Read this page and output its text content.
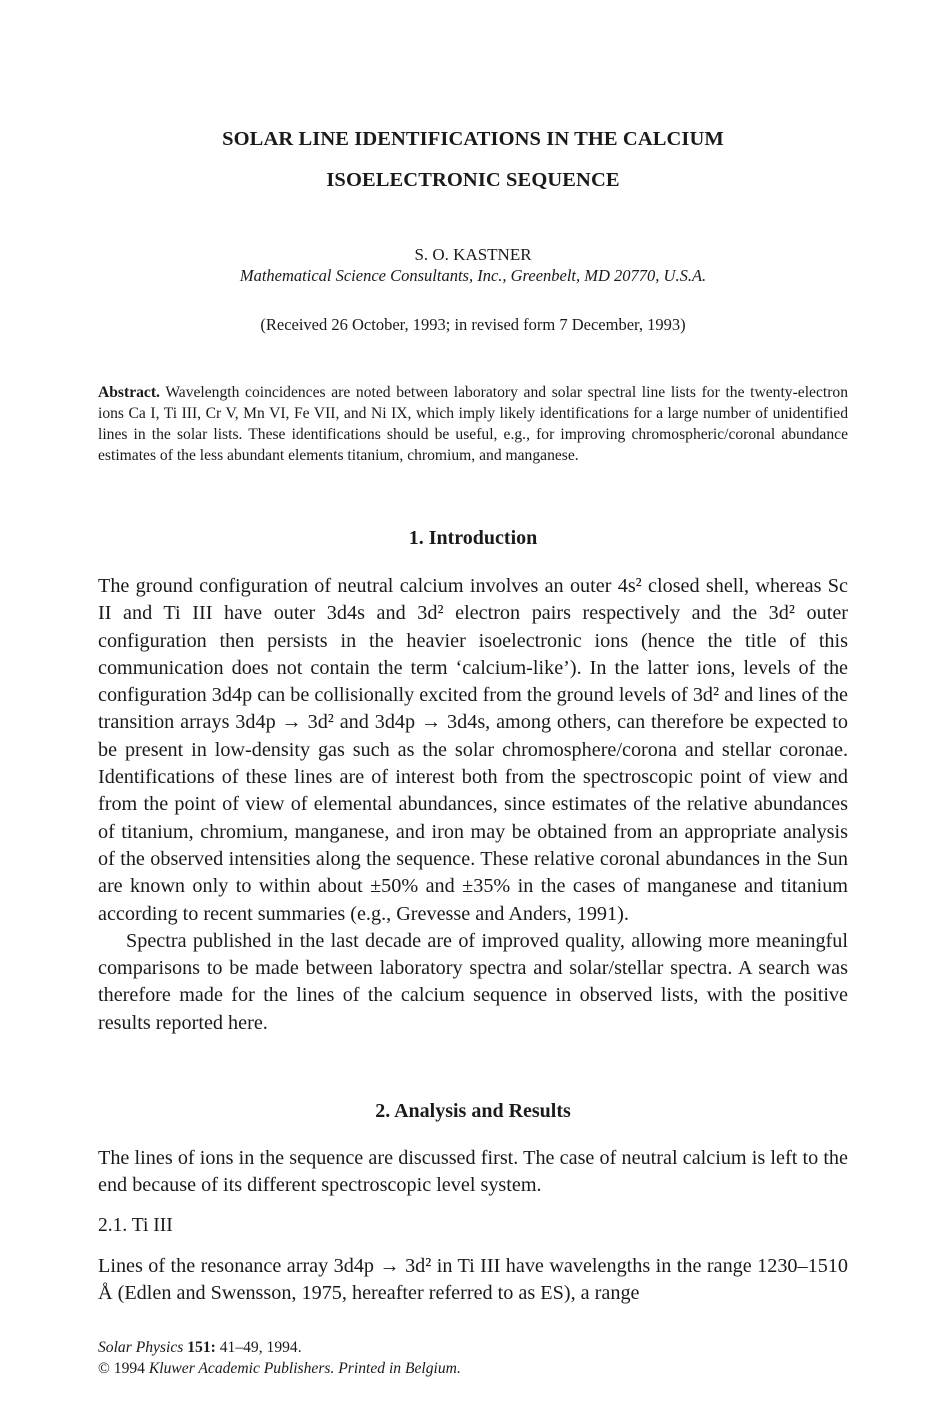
SOLAR LINE IDENTIFICATIONS IN THE CALCIUM
ISOELECTRONIC SEQUENCE
S. O. KASTNER
Mathematical Science Consultants, Inc., Greenbelt, MD 20770, U.S.A.
(Received 26 October, 1993; in revised form 7 December, 1993)
Abstract. Wavelength coincidences are noted between laboratory and solar spectral line lists for the twenty-electron ions Ca I, Ti III, Cr V, Mn VI, Fe VII, and Ni IX, which imply likely identifications for a large number of unidentified lines in the solar lists. These identifications should be useful, e.g., for improving chromospheric/coronal abundance estimates of the less abundant elements titanium, chromium, and manganese.
1. Introduction

The ground configuration of neutral calcium involves an outer 4s² closed shell, whereas Sc II and Ti III have outer 3d4s and 3d² electron pairs respectively and the 3d² outer configuration then persists in the heavier isoelectronic ions (hence the title of this communication does not contain the term ‘calcium-like’). In the latter ions, levels of the configuration 3d4p can be collisionally excited from the ground levels of 3d² and lines of the transition arrays 3d4p → 3d² and 3d4p → 3d4s, among others, can therefore be expected to be present in low-density gas such as the solar chromosphere/corona and stellar coronae. Identifications of these lines are of interest both from the spectroscopic point of view and from the point of view of elemental abundances, since estimates of the relative abundances of titanium, chromium, manganese, and iron may be obtained from an appropriate analysis of the observed intensities along the sequence. These relative coronal abundances in the Sun are known only to within about ±50% and ±35% in the cases of manganese and titanium according to recent summaries (e.g., Grevesse and Anders, 1991).

Spectra published in the last decade are of improved quality, allowing more meaningful comparisons to be made between laboratory spectra and solar/stellar spectra. A search was therefore made for the lines of the calcium sequence in observed lists, with the positive results reported here.

2. Analysis and Results

The lines of ions in the sequence are discussed first. The case of neutral calcium is left to the end because of its different spectroscopic level system.

2.1. Ti III

Lines of the resonance array 3d4p → 3d² in Ti III have wavelengths in the range 1230–1510 Å (Edlen and Swensson, 1975, hereafter referred to as ES), a range

Solar Physics 151: 41–49, 1994.
© 1994 Kluwer Academic Publishers. Printed in Belgium.
